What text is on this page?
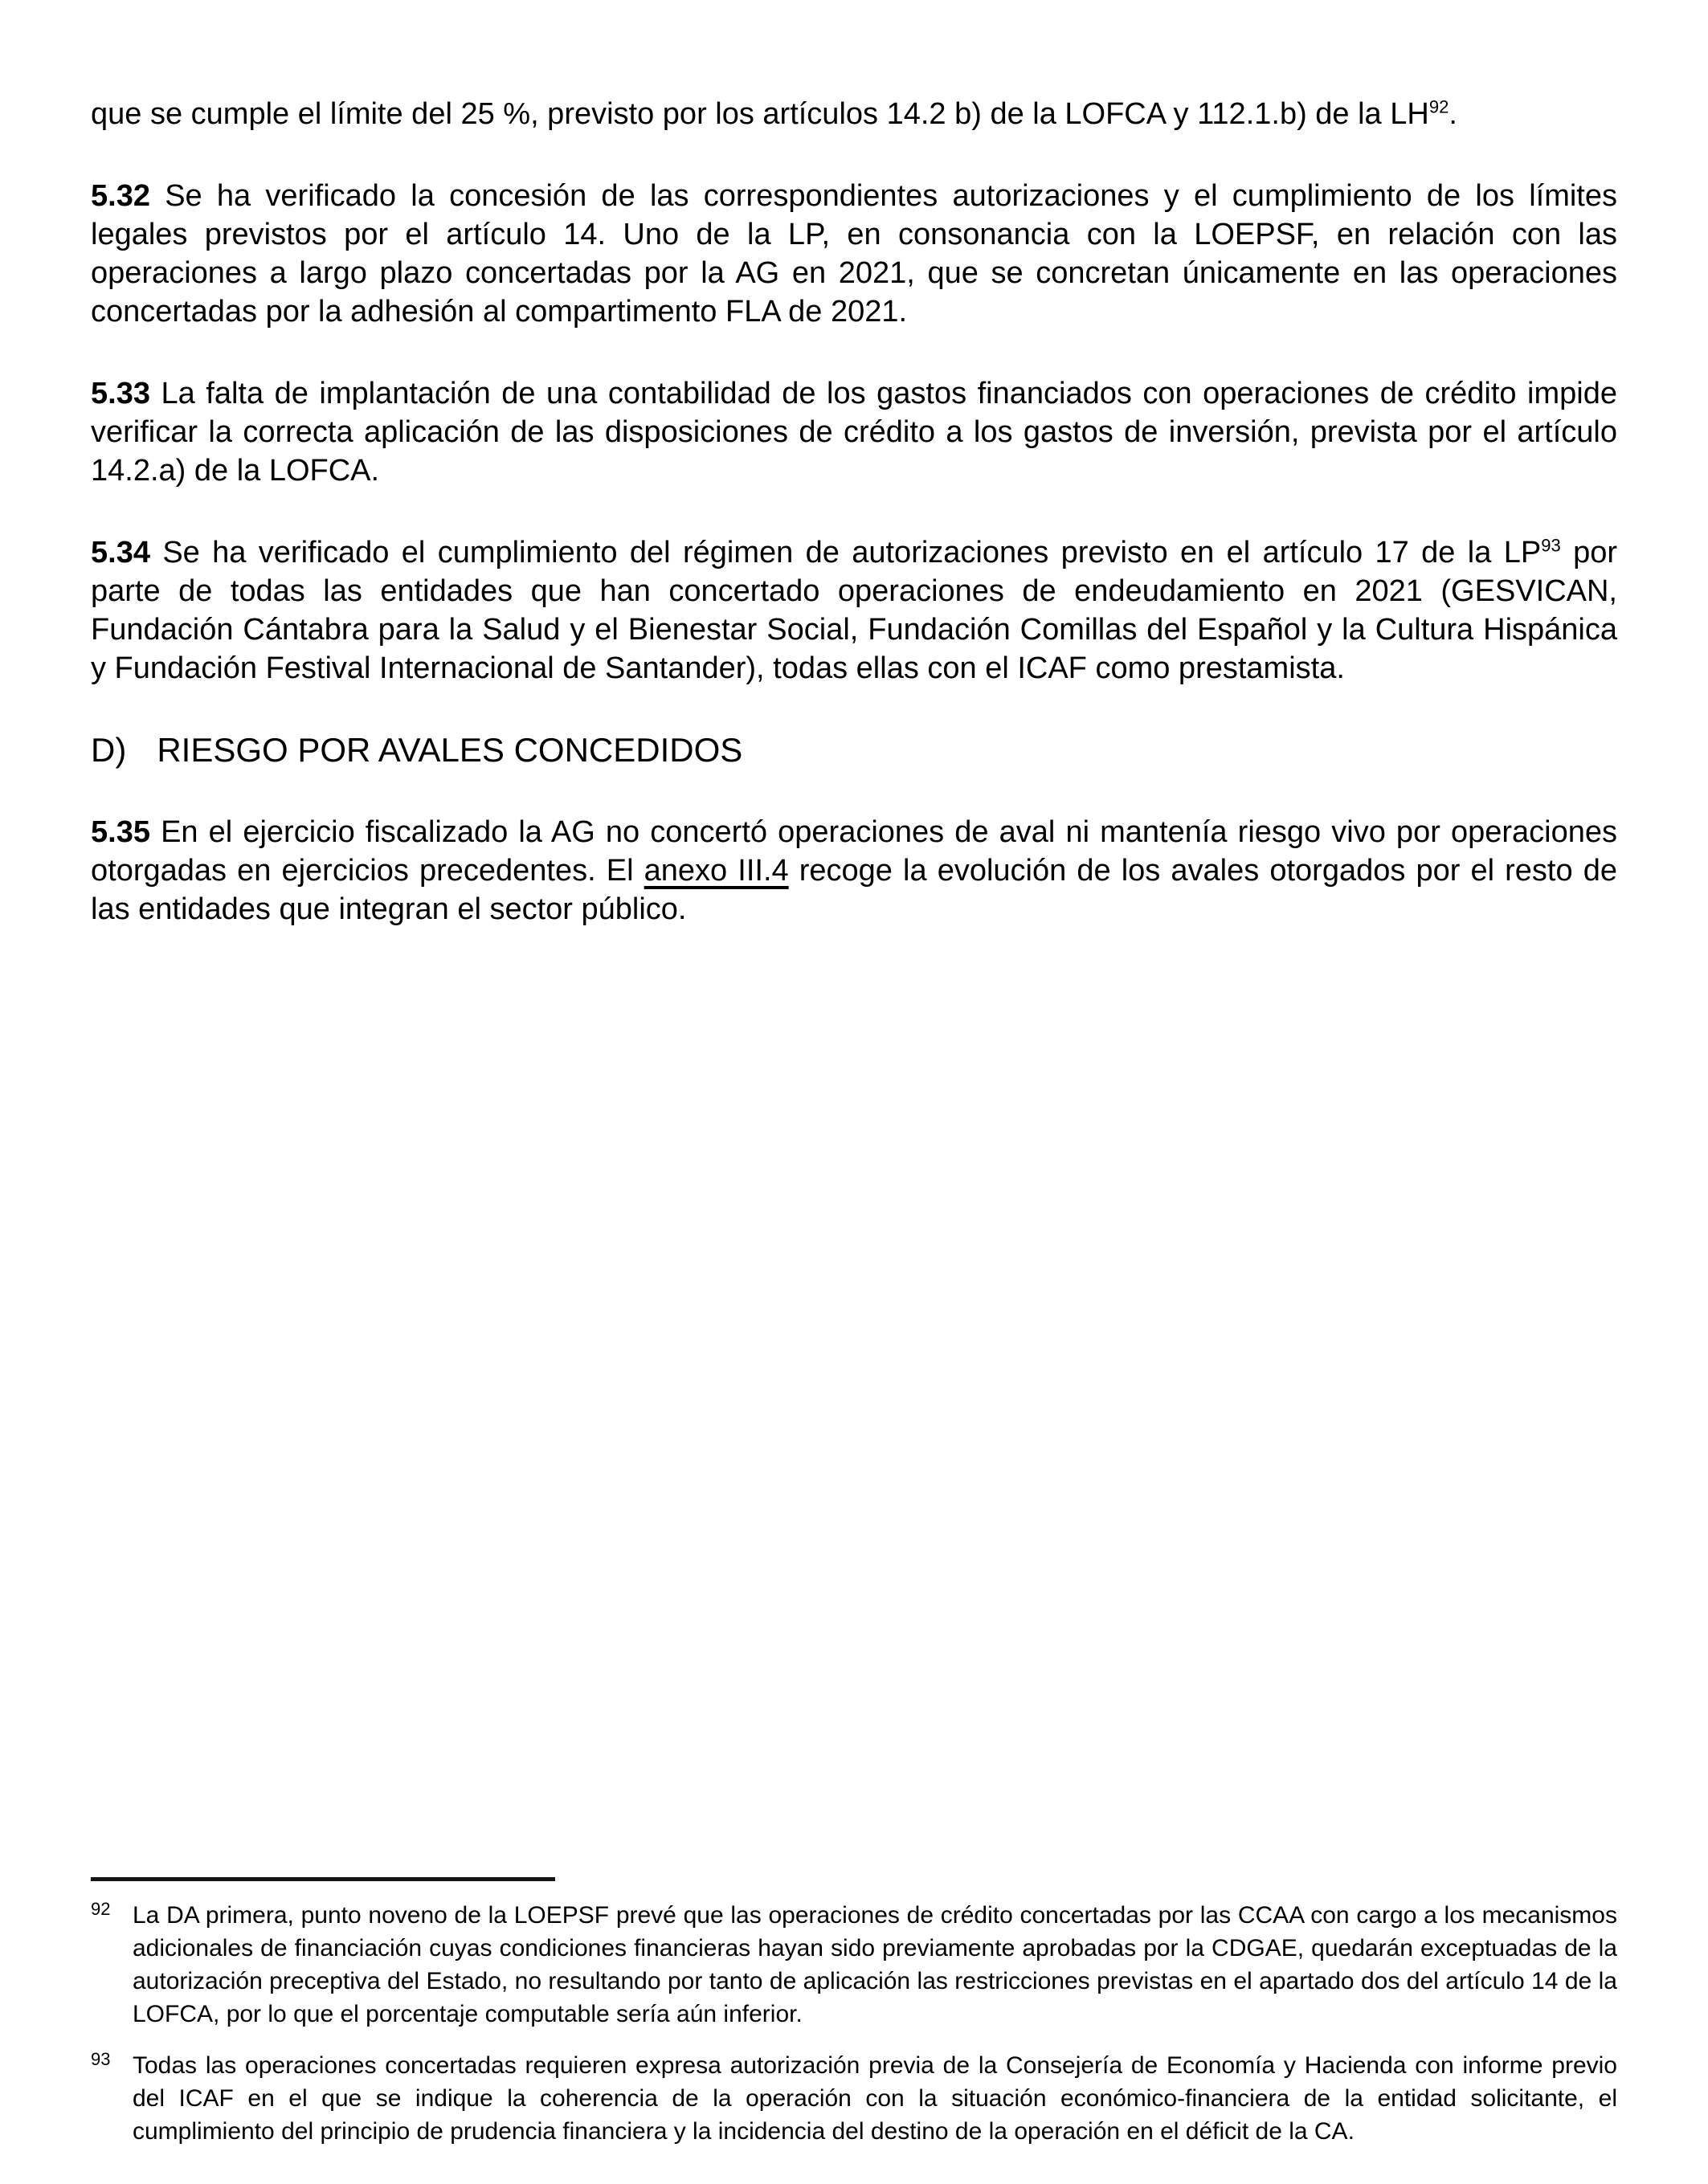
que se cumple el límite del 25 %, previsto por los artículos 14.2 b) de la LOFCA y 112.1.b) de la LH$^{92}$.

5.32 Se ha verificado la concesión de las correspondientes autorizaciones y el cumplimiento de los límites legales previstos por el artículo 14. Uno de la LP, en consonancia con la LOEPSF, en relación con las operaciones a largo plazo concertadas por la AG en 2021, que se concretan únicamente en las operaciones concertadas por la adhesión al compartimento FLA de 2021.

5.33 La falta de implantación de una contabilidad de los gastos financiados con operaciones de crédito impide verificar la correcta aplicación de las disposiciones de crédito a los gastos de inversión, prevista por el artículo 14.2.a) de la LOFCA.

5.34 Se ha verificado el cumplimiento del régimen de autorizaciones previsto en el artículo 17 de la LP$^{93}$ por parte de todas las entidades que han concertado operaciones de endeudamiento en 2021 (GESVICAN, Fundación Cántabra para la Salud y el Bienestar Social, Fundación Comillas del Español y la Cultura Hispánica y Fundación Festival Internacional de Santander), todas ellas con el ICAF como prestamista.

D) RIESGO POR AVALES CONCEDIDOS

5.35 En el ejercicio fiscalizado la AG no concertó operaciones de aval ni mantenía riesgo vivo por operaciones otorgadas en ejercicios precedentes. El anexo III.4 recoge la evolución de los avales otorgados por el resto de las entidades que integran el sector público.

92 La DA primera, punto noveno de la LOEPSF prevé que las operaciones de crédito concertadas por las CCAA con cargo a los mecanismos adicionales de financiación cuyas condiciones financieras hayan sido previamente aprobadas por la CDGAE, quedarán exceptuadas de la autorización preceptiva del Estado, no resultando por tanto de aplicación las restricciones previstas en el apartado dos del artículo 14 de la LOFCA, por lo que el porcentaje computable sería aún inferior.
93 Todas las operaciones concertadas requieren expresa autorización previa de la Consejería de Economía y Hacienda con informe previo del ICAF en el que se indique la coherencia de la operación con la situación económico-financiera de la entidad solicitante, el cumplimiento del principio de prudencia financiera y la incidencia del destino de la operación en el déficit de la CA.
